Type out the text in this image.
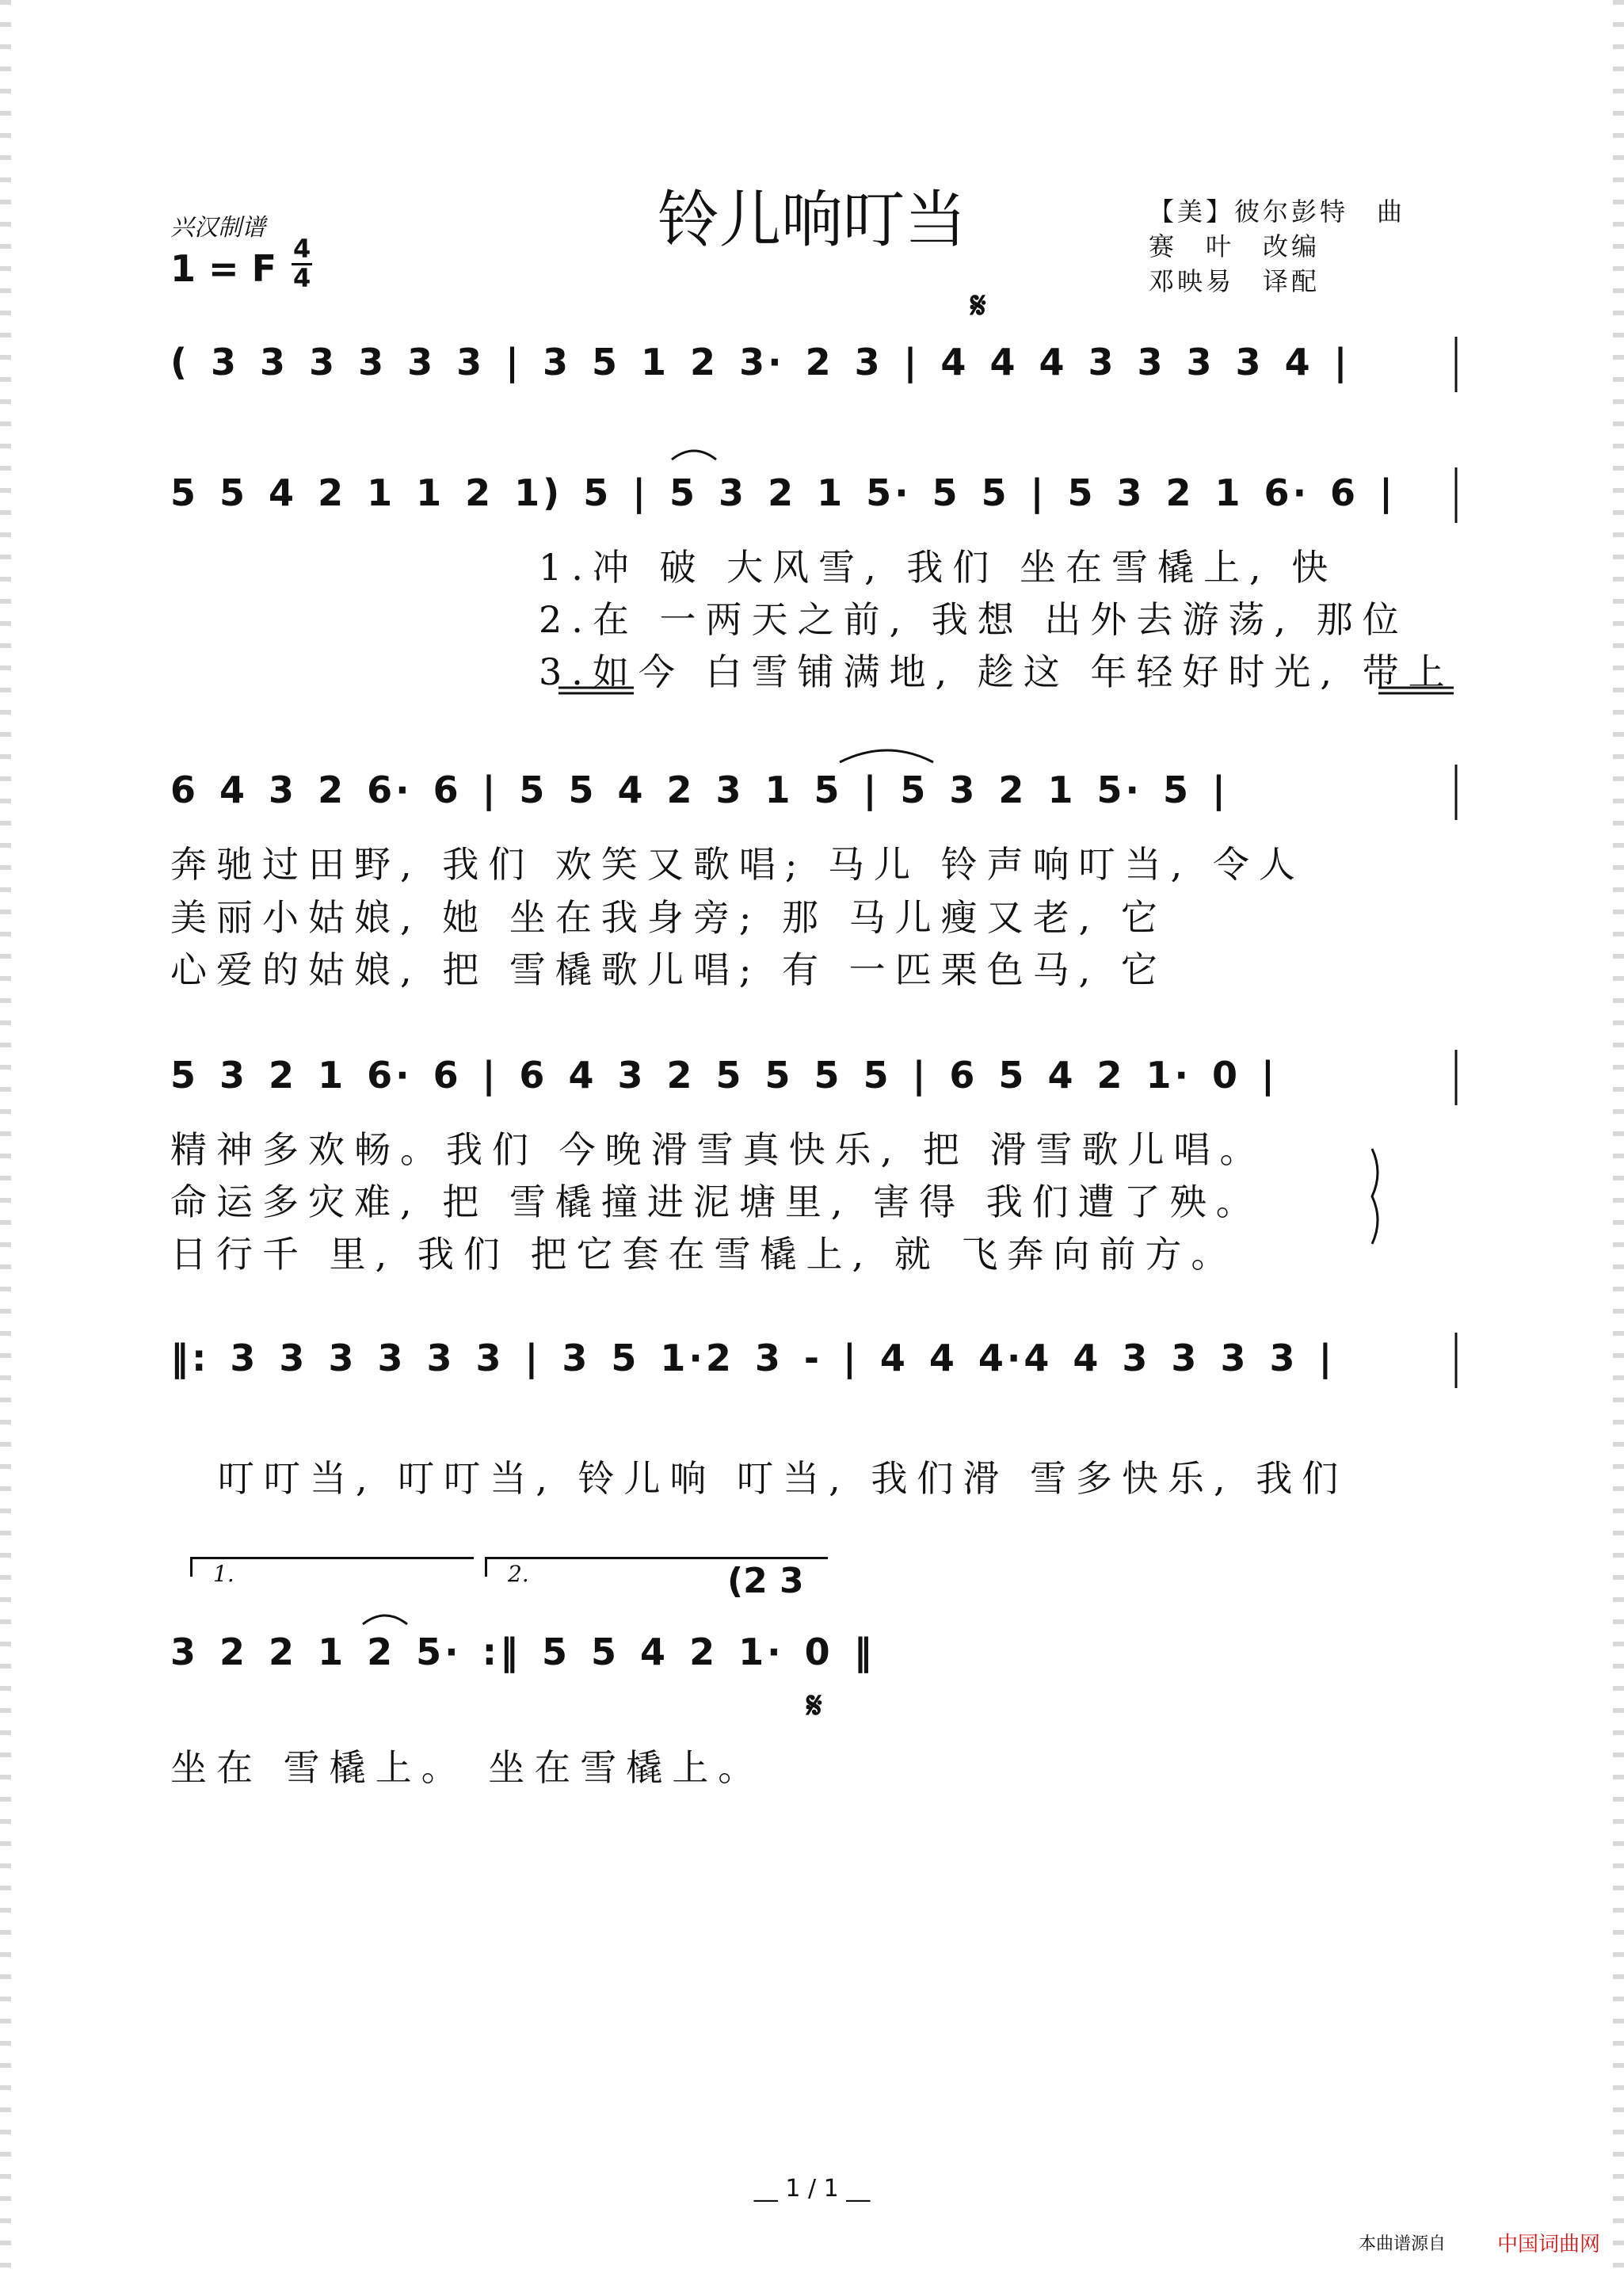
兴汉制谱
1 = F 4
4
铃儿响叮当	【美】彼尔彭特　曲
赛　叶　改编
邓映易　译配
𝄋
( 3 3 3 3 3 3 | 3 5 1 2 3· 2 3 | 4 4 4 3 3 3 3 4 |
5 5 4 2 1 1 2 1) 5 | 5 3 2 1 5· 5 5 | 5 3 2 1 6· 6 |
1.冲 破 大风雪, 我们 坐在雪橇上, 快
2.在 一两天之前, 我想 出外去游荡, 那位
3.如今 白雪铺满地, 趁这 年轻好时光, 带上
6 4 3 2 6· 6 | 5 5 4 2 3 1 5 | 5 3 2 1 5· 5 |
奔驰过田野, 我们 欢笑又歌唱; 马儿 铃声响叮当, 令人
美丽小姑娘, 她 坐在我身旁; 那 马儿瘦又老, 它
心爱的姑娘, 把 雪橇歌儿唱; 有 一匹栗色马, 它
5 3 2 1 6· 6 | 6 4 3 2 5 5 5 5 | 6 5 4 2 1· 0 |
精神多欢畅。我们 今晚滑雪真快乐, 把 滑雪歌儿唱。
命运多灾难, 把 雪橇撞进泥塘里, 害得 我们遭了殃。
日行千 里, 我们 把它套在雪橇上, 就 飞奔向前方。
‖: 3 3 3 3 3 3 | 3 5 1·2 3 - | 4 4 4·4 4 3 3 3 3 |
叮叮当, 叮叮当, 铃儿响 叮当, 我们滑 雪多快乐, 我们
1.	2.	(2 3
3 2 2 1 2 5· :‖ 5 5 4 2 1· 0 ‖
𝄋
坐在 雪橇上。 坐在雪橇上。
__ 1 / 1 __
本曲谱源自 中国词曲网
